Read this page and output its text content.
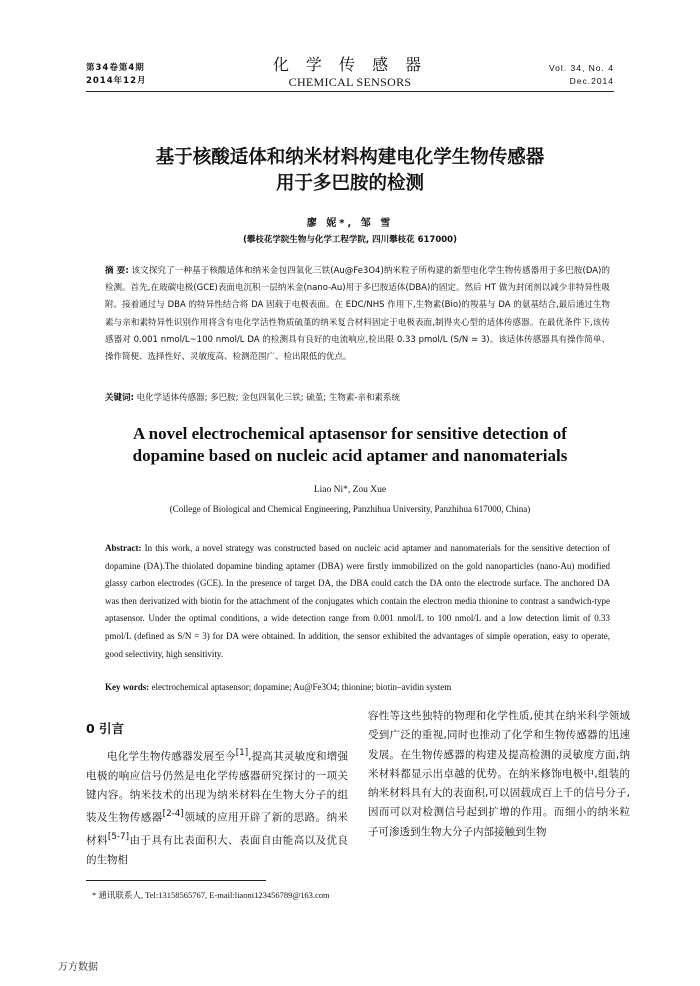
第34卷第4期
2014年12月
化 学 传 感 器
CHEMICAL SENSORS
Vol. 34, No. 4
Dec.2014
基于核酸适体和纳米材料构建电化学生物传感器
用于多巴胺的检测
廖 妮*, 邹 雪
(攀枝花学院生物与化学工程学院, 四川攀枝花 617000)
摘 要: 该文探究了一种基于核酸适体和纳米金包四氧化三铁(Au@Fe3O4)纳米粒子所构建的新型电化学生物传感器用于多巴胺(DA)的检测。首先,在玻碳电极(GCE)表面电沉积一层纳米金(nano-Au)用于多巴胺适体(DBA)的固定。然后 HT 做为封闭剂以减少非特异性吸附。接着通过与 DBA 的特异性结合将 DA 固载于电极表面。在 EDC/NHS 作用下,生物素(Bio)的羧基与 DA 的氨基结合,最后通过生物素与亲和素特异性识别作用将含有电化学活性物质硫堇的纳米复合材料固定于电极表面,制得夹心型的适体传感器。在最优条件下,该传感器对 0.001 nmol/L~100 nmol/L DA 的检测具有良好的电流响应,检出限 0.33 pmol/L (S/N = 3)。该适体传感器具有操作简单、操作简便、选择性好、灵敏度高、检测范围广、检出限低的优点。
关键词: 电化学适体传感器; 多巴胺; 金包四氧化三铁; 硫堇; 生物素-亲和素系统
A novel electrochemical aptasensor for sensitive detection of
dopamine based on nucleic acid aptamer and nanomaterials
Liao Ni*, Zou Xue
(College of Biological and Chemical Engineering, Panzhihua University, Panzhihua 617000, China)
Abstract: In this work, a novel strategy was constructed based on nucleic acid aptamer and nanomaterials for the sensitive detection of dopamine (DA).The thiolated dopamine binding aptamer (DBA) were firstly immobilized on the gold nanoparticles (nano-Au) modified glassy carbon electrodes (GCE). In the presence of target DA, the DBA could catch the DA onto the electrode surface. The anchored DA was then derivatized with biotin for the attachment of the conjugates which contain the electron media thionine to contrast a sandwich-type aptasensor. Under the optimal conditions, a wide detection range from 0.001 nmol/L to 100 nmol/L and a low detection limit of 0.33 pmol/L (defined as S/N = 3) for DA were obtained. In addition, the sensor exhibited the advantages of simple operation, easy to operate, good selectivity, high sensitivity.
Key words: electrochemical aptasensor; dopamine; Au@Fe3O4; thionine; biotin–avidin system
0 引言
电化学生物传感器发展至今[1],提高其灵敏度和增强电极的响应信号仍然是电化学传感器研究探讨的一项关键内容。纳米技术的出现为纳米材料在生物大分子的组装及生物传感器[2-4]领域的应用开辟了新的思路。纳米材料[5-7]由于具有比表面积大、表面自由能高以及优良的生物相
容性等这些独特的物理和化学性质,使其在纳米科学领域受到广泛的重视,同时也推动了化学和生物传感器的迅速发展。在生物传感器的构建及提高检测的灵敏度方面,纳米材料都显示出卓越的优势。在纳米修饰电极中,组装的纳米材料具有大的表面积,可以固载成百上千的信号分子,因而可以对检测信号起到扩增的作用。而细小的纳米粒子可渗透到生物大分子内部接触到生物
* 通讯联系人, Tel:13158565767, E-mail:liaoni123456789@163.com
万方数据
